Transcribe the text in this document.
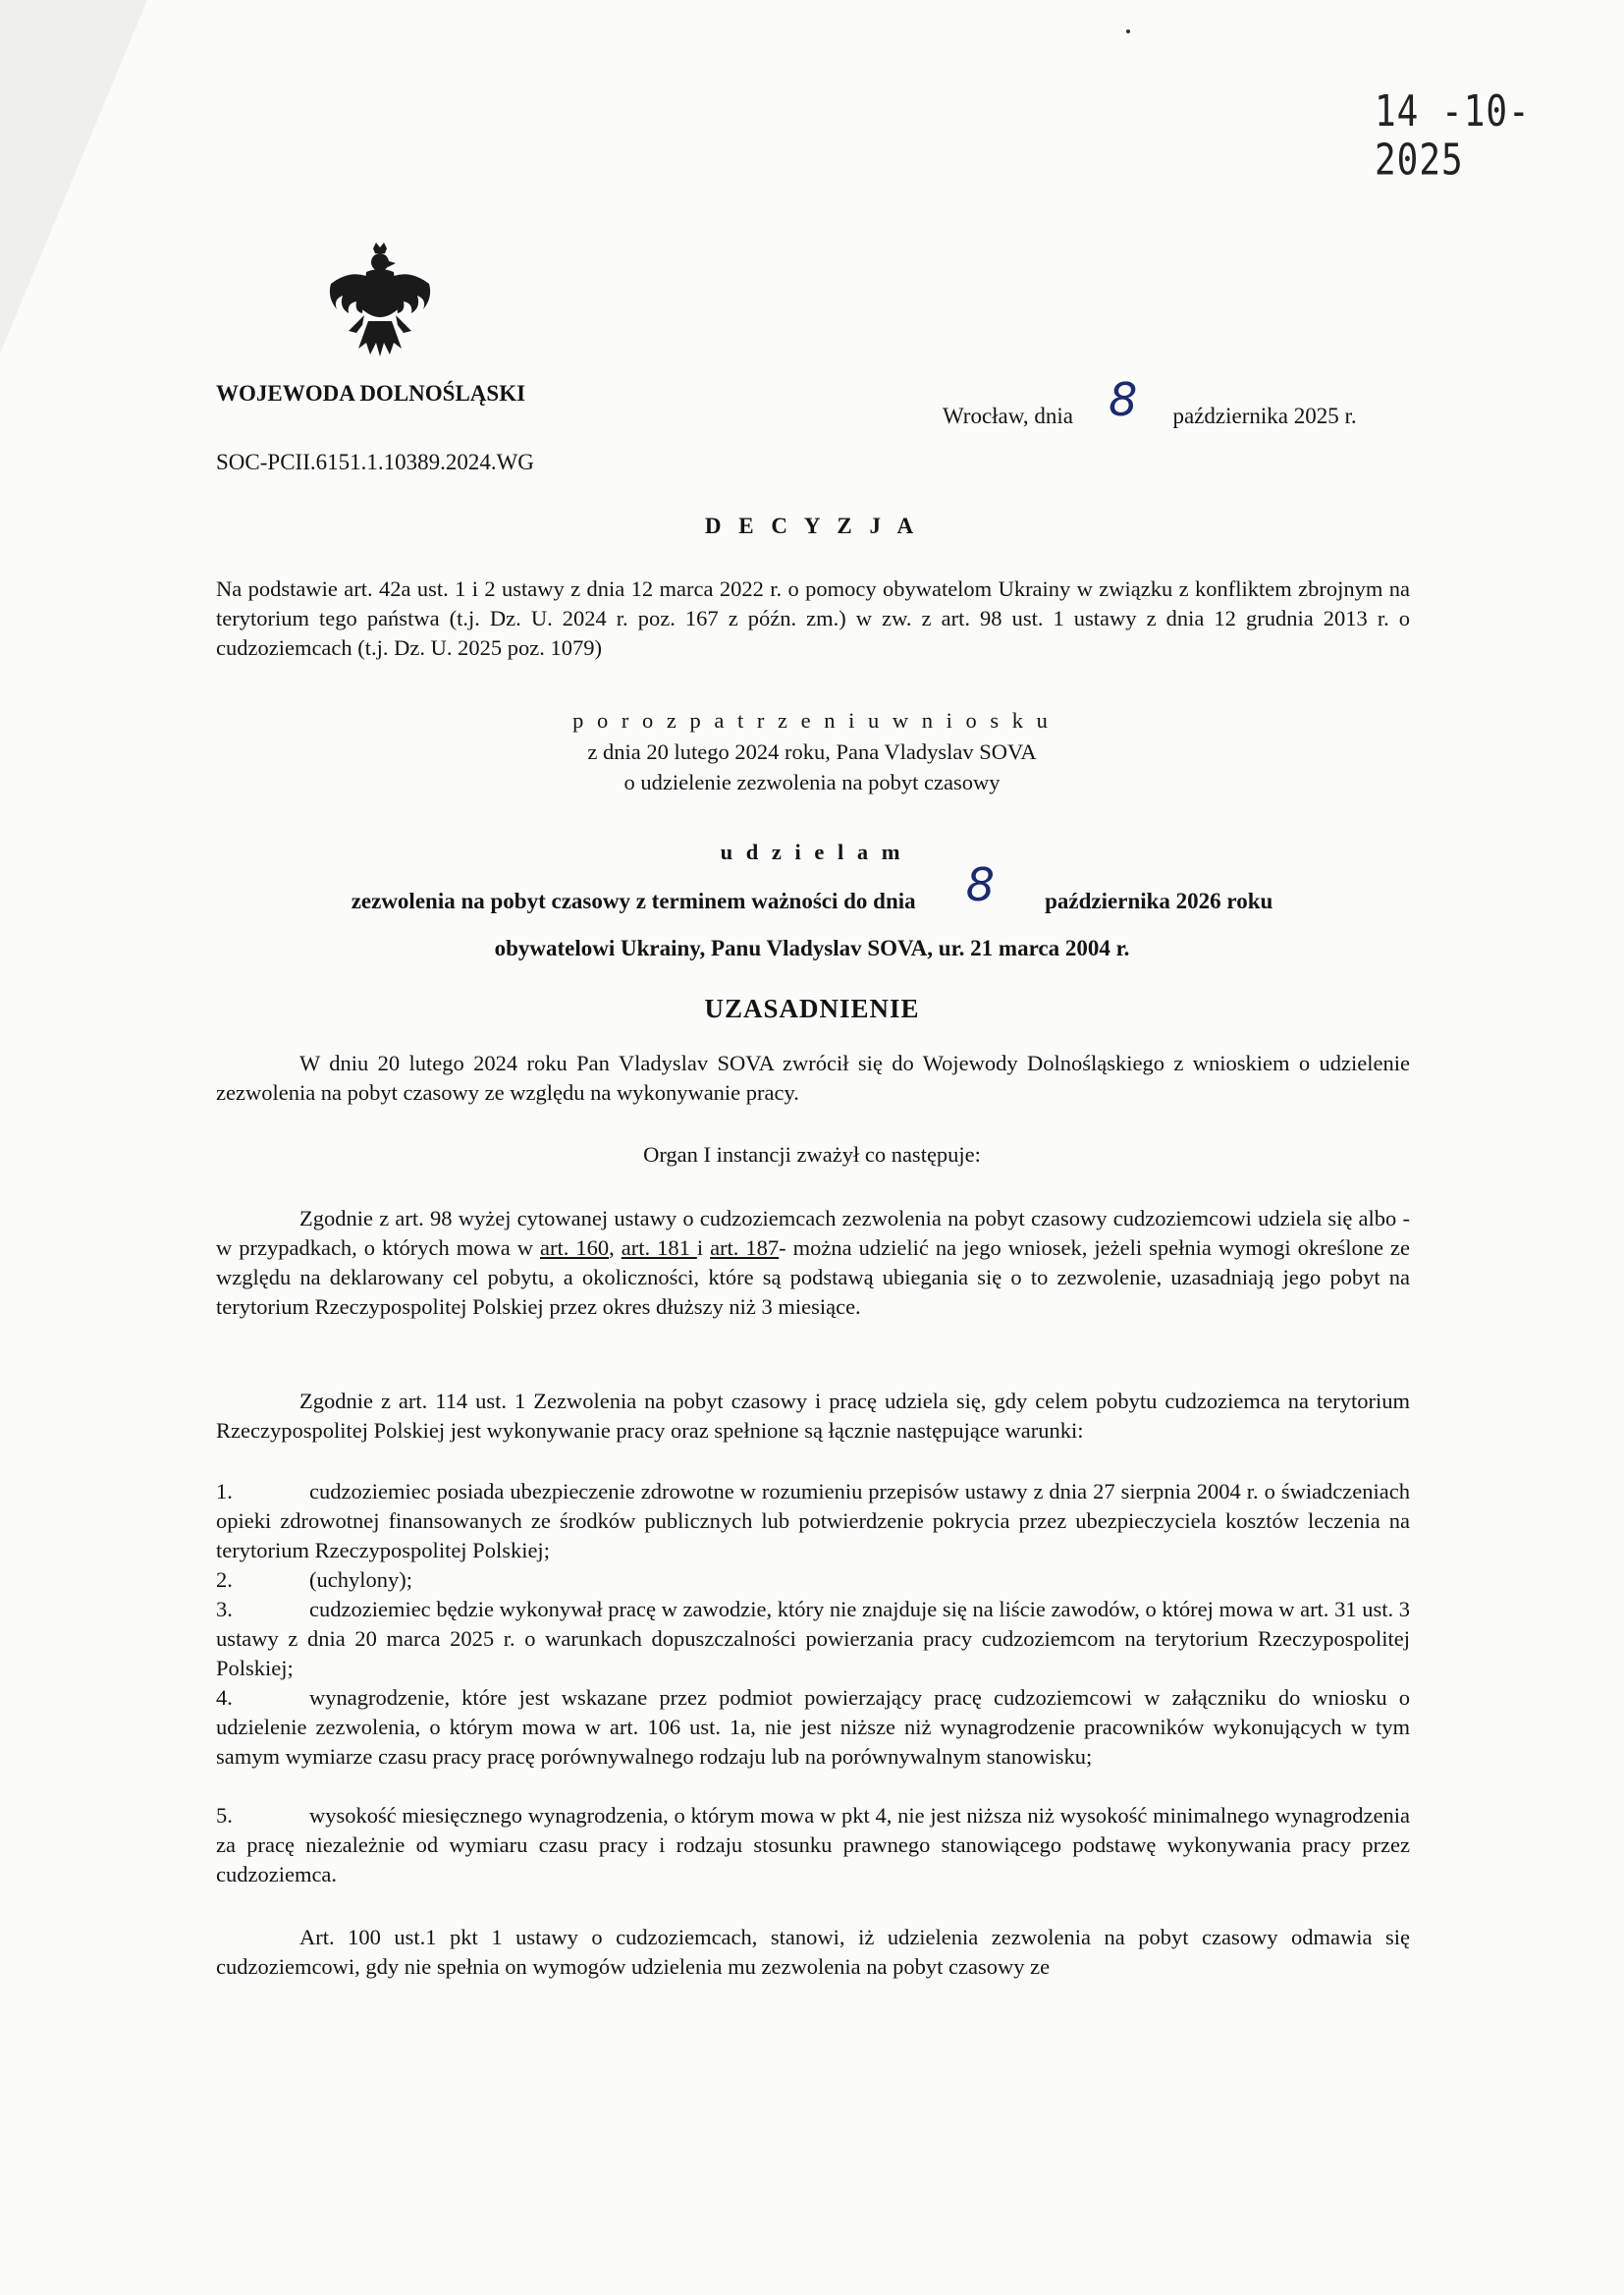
14 -10- 2025
WOJEWODA DOLNOŚLĄSKI
Wrocław, dnia 8 października 2025 r.
SOC-PCII.6151.1.10389.2024.WG
D E C Y Z J A
Na podstawie art. 42a ust. 1 i 2 ustawy z dnia 12 marca 2022 r. o pomocy obywatelom Ukrainy w związku z konfliktem zbrojnym na terytorium tego państwa (t.j. Dz. U. 2024 r. poz. 167 z późn. zm.) w zw. z art. 98 ust. 1 ustawy z dnia 12 grudnia 2013 r. o cudzoziemcach (t.j. Dz. U. 2025 poz. 1079)
p o r o z p a t r z e n i u w n i o s k u
z dnia 20 lutego 2024 roku, Pana Vladyslav SOVA
o udzielenie zezwolenia na pobyt czasowy
u d z i e l a m
zezwolenia na pobyt czasowy z terminem ważności do dnia 8 października 2026 roku
obywatelowi Ukrainy, Panu Vladyslav SOVA, ur. 21 marca 2004 r.
UZASADNIENIE
W dniu 20 lutego 2024 roku Pan Vladyslav SOVA zwrócił się do Wojewody Dolnośląskiego z wnioskiem o udzielenie zezwolenia na pobyt czasowy ze względu na wykonywanie pracy.
Organ I instancji zważył co następuje:
Zgodnie z art. 98 wyżej cytowanej ustawy o cudzoziemcach zezwolenia na pobyt czasowy cudzoziemcowi udziela się albo - w przypadkach, o których mowa w art. 160, art. 181 i art. 187- można udzielić na jego wniosek, jeżeli spełnia wymogi określone ze względu na deklarowany cel pobytu, a okoliczności, które są podstawą ubiegania się o to zezwolenie, uzasadniają jego pobyt na terytorium Rzeczypospolitej Polskiej przez okres dłuższy niż 3 miesiące.
Zgodnie z art. 114 ust. 1 Zezwolenia na pobyt czasowy i pracę udziela się, gdy celem pobytu cudzoziemca na terytorium Rzeczypospolitej Polskiej jest wykonywanie pracy oraz spełnione są łącznie następujące warunki:
1.	cudzoziemiec posiada ubezpieczenie zdrowotne w rozumieniu przepisów ustawy z dnia 27 sierpnia 2004 r. o świadczeniach opieki zdrowotnej finansowanych ze środków publicznych lub potwierdzenie pokrycia przez ubezpieczyciela kosztów leczenia na terytorium Rzeczypospolitej Polskiej;
2.	(uchylony);
3.	cudzoziemiec będzie wykonywał pracę w zawodzie, który nie znajduje się na liście zawodów, o której mowa w art. 31 ust. 3 ustawy z dnia 20 marca 2025 r. o warunkach dopuszczalności powierzania pracy cudzoziemcom na terytorium Rzeczypospolitej Polskiej;
4.	wynagrodzenie, które jest wskazane przez podmiot powierzający pracę cudzoziemcowi w załączniku do wniosku o udzielenie zezwolenia, o którym mowa w art. 106 ust. 1a, nie jest niższe niż wynagrodzenie pracowników wykonujących w tym samym wymiarze czasu pracy pracę porównywalnego rodzaju lub na porównywalnym stanowisku;
5.	wysokość miesięcznego wynagrodzenia, o którym mowa w pkt 4, nie jest niższa niż wysokość minimalnego wynagrodzenia za pracę niezależnie od wymiaru czasu pracy i rodzaju stosunku prawnego stanowiącego podstawę wykonywania pracy przez cudzoziemca.
Art. 100 ust.1 pkt 1 ustawy o cudzoziemcach, stanowi, iż udzielenia zezwolenia na pobyt czasowy odmawia się cudzoziemcowi, gdy nie spełnia on wymogów udzielenia mu zezwolenia na pobyt czasowy ze
